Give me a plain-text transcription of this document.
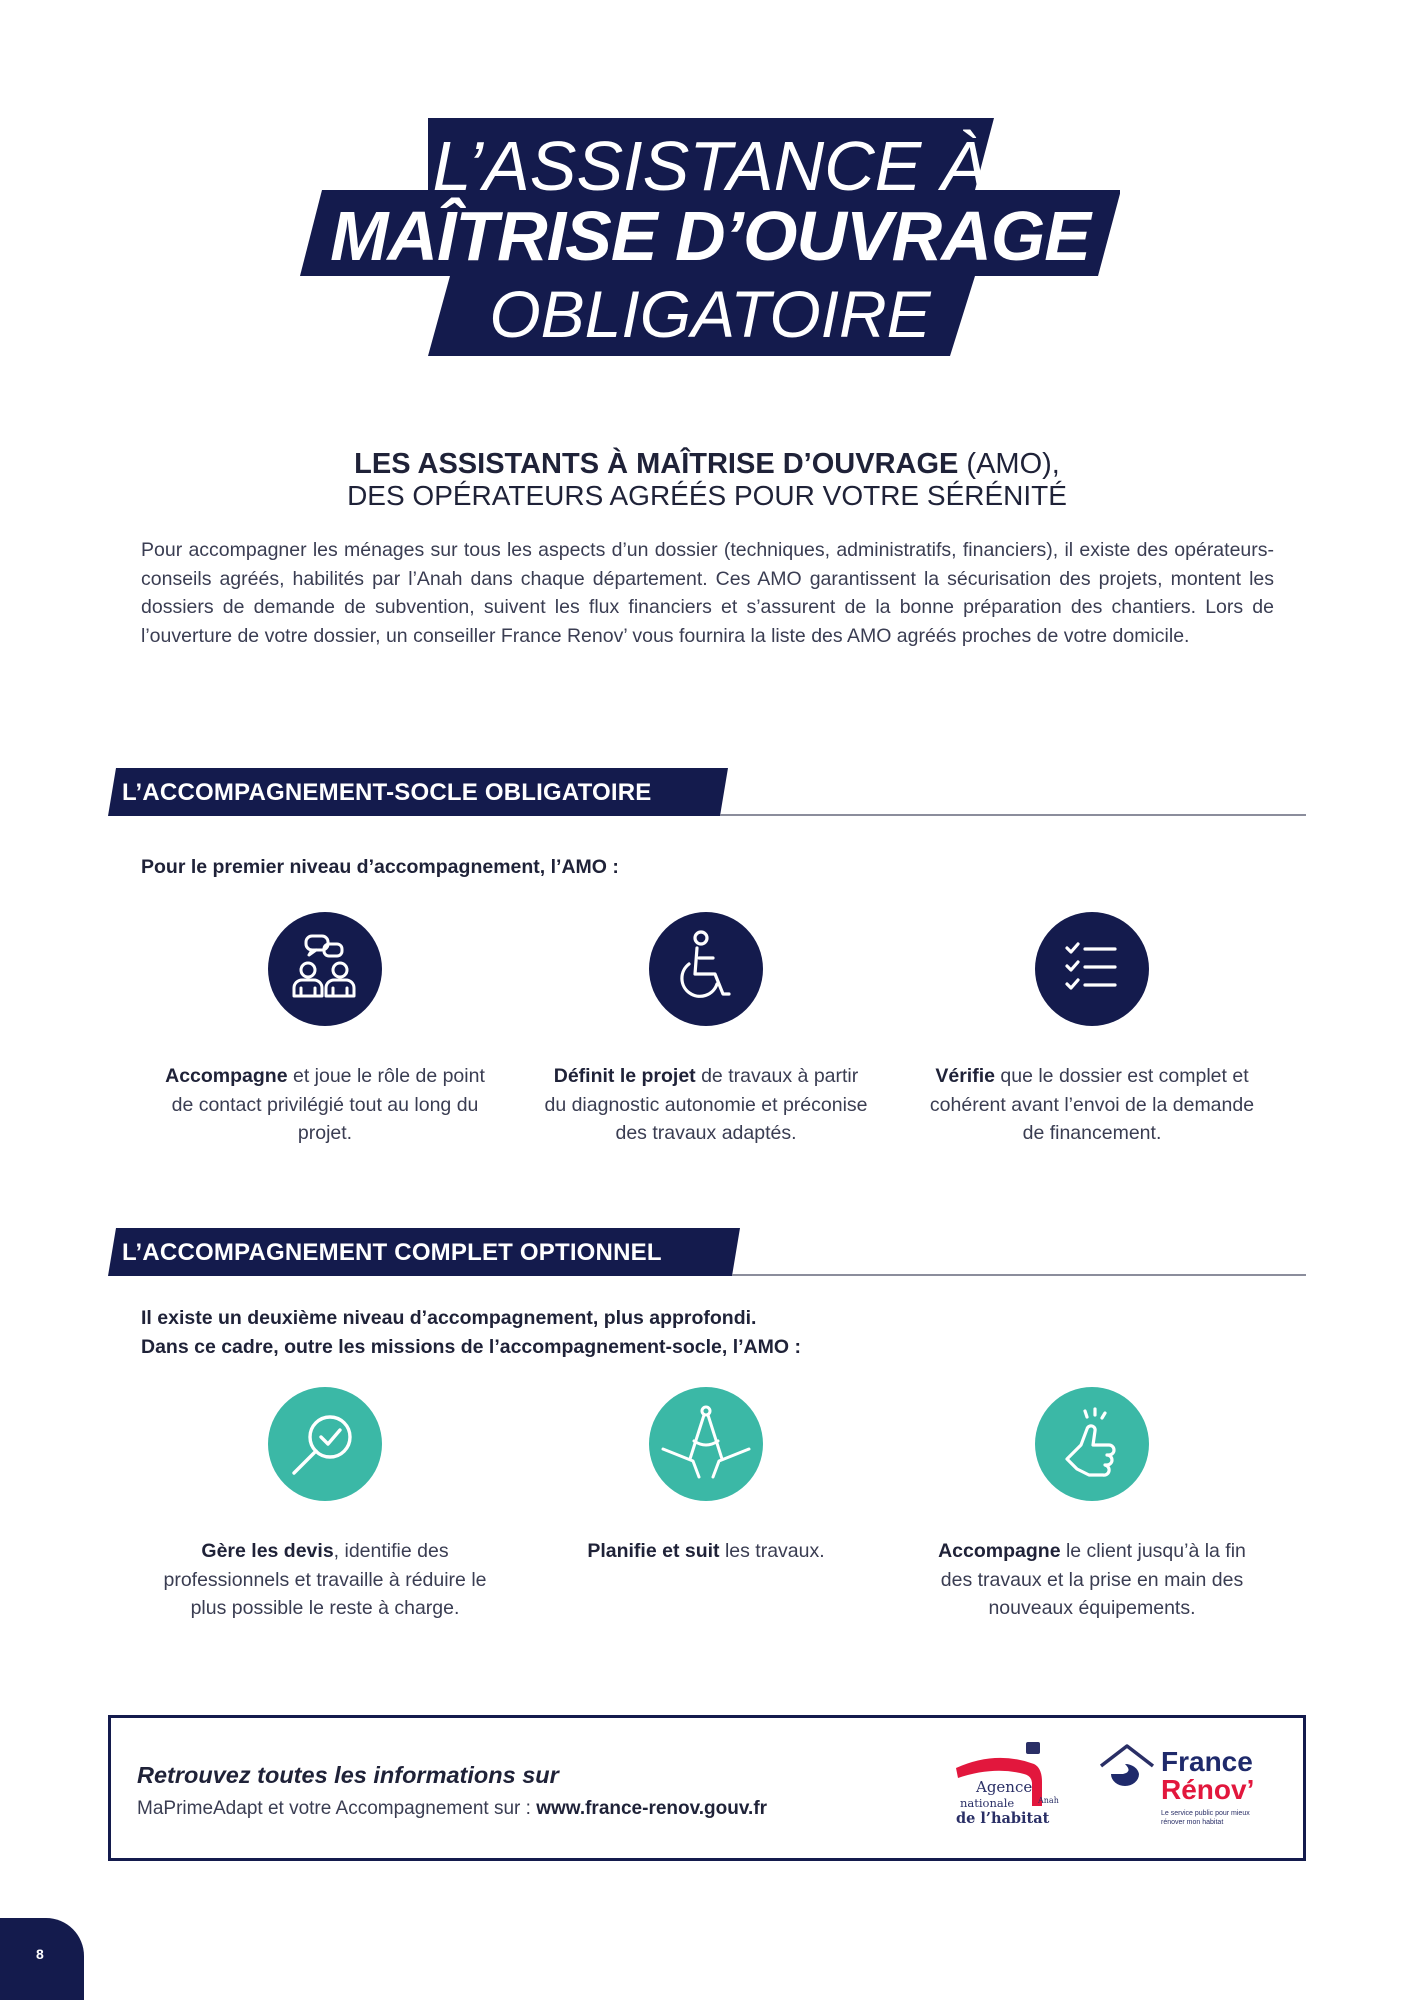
L’ASSISTANCE À
MAÎTRISE D’OUVRAGE
OBLIGATOIRE
LES ASSISTANTS À MAÎTRISE D’OUVRAGE (AMO),
DES OPÉRATEURS AGRÉÉS POUR VOTRE SÉRÉNITÉ

Pour accompagner les ménages sur tous les aspects d’un dossier (techniques, administratifs, financiers), il existe des opérateurs-conseils agréés, habilités par l’Anah dans chaque département. Ces AMO garantissent la sécurisation des projets, montent les dossiers de demande de subvention, suivent les flux financiers et s’assurent de la bonne préparation des chantiers. Lors de l’ouverture de votre dossier, un conseiller France Renov’ vous fournira la liste des AMO agréés proches de votre domicile.

L’ACCOMPAGNEMENT-SOCLE OBLIGATOIRE
Pour le premier niveau d’accompagnement, l’AMO :
Accompagne et joue le rôle de point de contact privilégié tout au long du projet.
Définit le projet de travaux à partir du diagnostic autonomie et préconise des travaux adaptés.
Vérifie que le dossier est complet et cohérent avant l’envoi de la demande de financement.
L’ACCOMPAGNEMENT COMPLET OPTIONNEL
Il existe un deuxième niveau d’accompagnement, plus approfondi.
Dans ce cadre, outre les missions de l’accompagnement-socle, l’AMO :
Gère les devis, identifie des professionnels et travaille à réduire le plus possible le reste à charge.
Planifie et suit les travaux.	Accompagne le client jusqu’à la fin des travaux et la prise en main des nouveaux équipements.
Retrouvez toutes les informations sur
MaPrimeAdapt et votre Accompagnement sur : www.france-renov.gouv.fr
Agence
nationale
de l’habitat
Anah
France
Rénov’
Le service public pour mieux
rénover mon habitat
8
